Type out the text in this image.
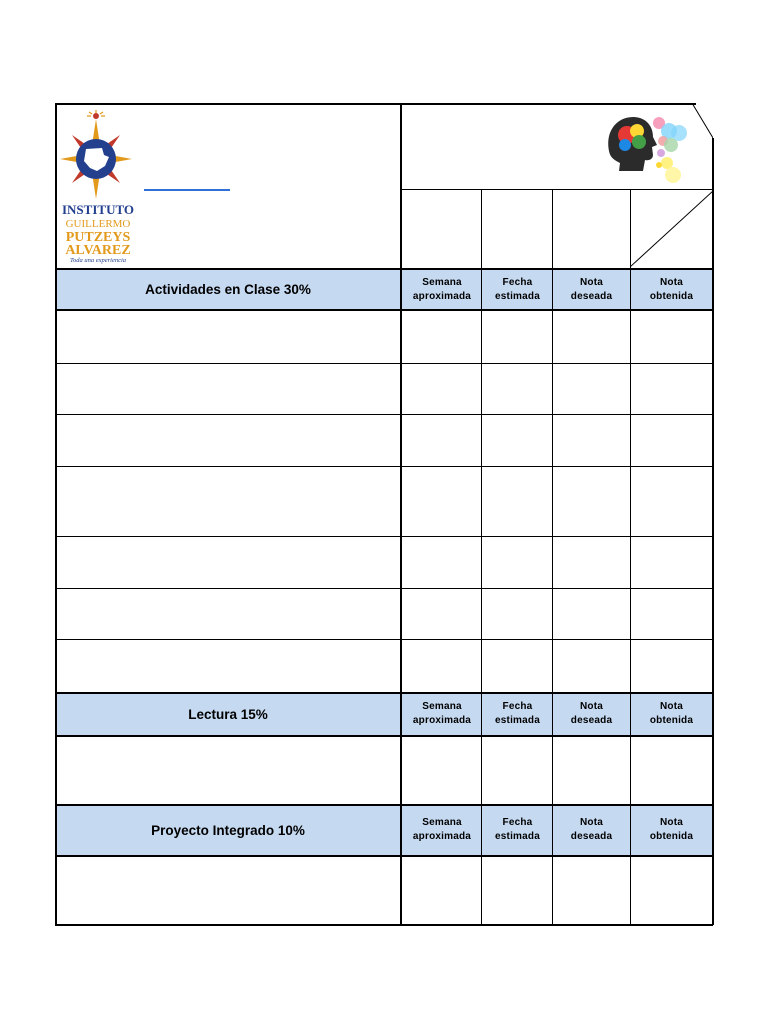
INSTITUTO
GUILLERMO
PUTZEYS
ALVAREZ
Toda una experiencia
Actividades en Clase 30%
Lectura 15%
Proyecto Integrado 10%
Semana aproximada
Fecha estimada
Nota deseada
Nota obtenida
Semana aproximada
Fecha estimada
Nota deseada
Nota obtenida
Semana aproximada
Fecha estimada
Nota deseada
Nota obtenida
